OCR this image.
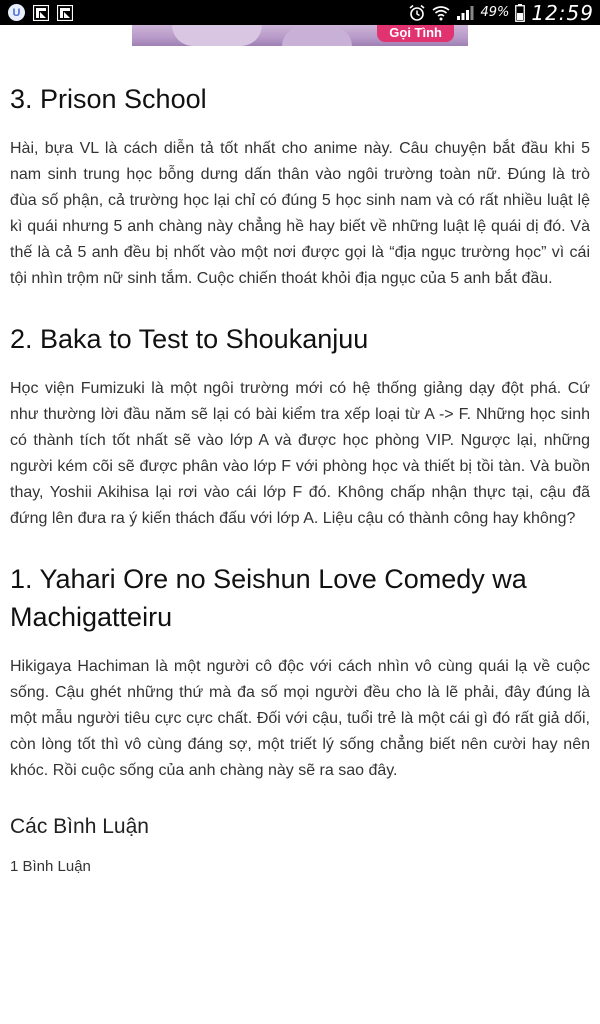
U	49% 12:59
Gọi Tình
3. Prison School

Hài, bựa VL là cách diễn tả tốt nhất cho anime này. Câu chuyện bắt đầu khi 5 nam sinh trung học bỗng dưng dấn thân vào ngôi trường toàn nữ. Đúng là trò đùa số phận, cả trường học lại chỉ có đúng 5 học sinh nam và có rất nhiều luật lệ kì quái nhưng 5 anh chàng này chẳng hề hay biết về những luật lệ quái dị đó. Và thế là cả 5 anh đều bị nhốt vào một nơi được gọi là “địa ngục trường học” vì cái tội nhìn trộm nữ sinh tắm. Cuộc chiến thoát khỏi địa ngục của 5 anh bắt đầu.

2. Baka to Test to Shoukanjuu

Học viện Fumizuki là một ngôi trường mới có hệ thống giảng dạy đột phá. Cứ như thường lời đầu năm sẽ lại có bài kiểm tra xếp loại từ A -> F. Những học sinh có thành tích tốt nhất sẽ vào lớp A và được học phòng VIP. Ngược lại, những người kém cõi sẽ được phân vào lớp F với phòng học và thiết bị tồi tàn. Và buồn thay, Yoshii Akihisa lại rơi vào cái lớp F đó. Không chấp nhận thực tại, cậu đã đứng lên đưa ra ý kiến thách đấu với lớp A. Liệu cậu có thành công hay không?

1. Yahari Ore no Seishun Love Comedy wa Machigatteiru

Hikigaya Hachiman là một người cô độc với cách nhìn vô cùng quái lạ về cuộc sống. Cậu ghét những thứ mà đa số mọi người đều cho là lẽ phải, đây đúng là một mẫu người tiêu cực cực chất. Đối với cậu, tuổi trẻ là một cái gì đó rất giả dối, còn lòng tốt thì vô cùng đáng sợ, một triết lý sống chẳng biết nên cười hay nên khóc. Rồi cuộc sống của anh chàng này sẽ ra sao đây.

Các Bình Luận

1 Bình Luận
